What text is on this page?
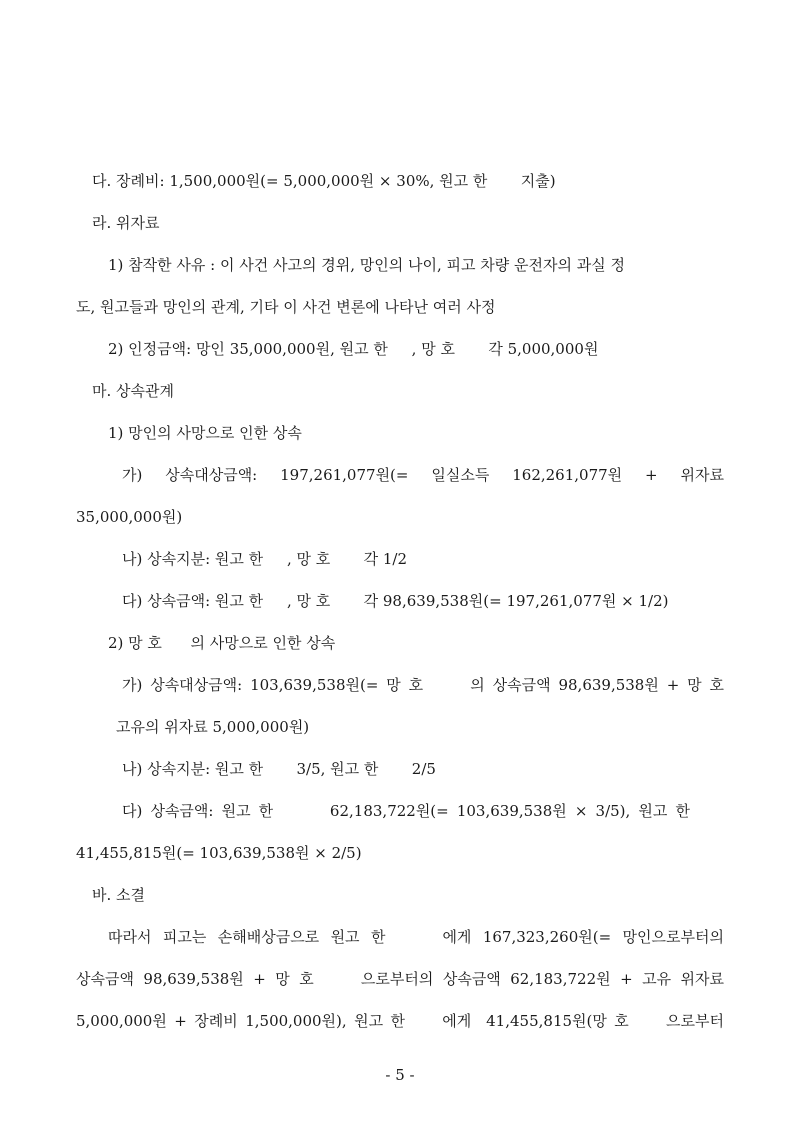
다. 장례비: 1,500,000원(= 5,000,000원 × 30%, 원고 한       지출)
라. 위자료
1) 참작한 사유 : 이 사건 사고의 경위, 망인의 나이, 피고 차량 운전자의 과실 정
도, 원고들과 망인의 관계, 기타 이 사건 변론에 나타난 여러 사정
2) 인정금액: 망인 35,000,000원, 원고 한     , 망 호       각 5,000,000원
마. 상속관계
1) 망인의 사망으로 인한 상속
가)  상속대상금액:  197,261,077원(=  일실소득  162,261,077원  +  위자료
35,000,000원)
나) 상속지분: 원고 한     , 망 호       각 1/2
다) 상속금액: 원고 한     , 망 호       각 98,639,538원(= 197,261,077원 × 1/2)
2) 망 호      의 사망으로 인한 상속
가) 상속대상금액: 103,639,538원(= 망 호      의 상속금액 98,639,538원 + 망 호
고유의 위자료 5,000,000원)
나) 상속지분: 원고 한       3/5, 원고 한       2/5
다) 상속금액: 원고 한       62,183,722원(= 103,639,538원 × 3/5), 원고 한
41,455,815원(= 103,639,538원 × 2/5)
바. 소결
따라서 피고는 손해배상금으로 원고 한     에게 167,323,260원(= 망인으로부터의
상속금액 98,639,538원 + 망 호     으로부터의 상속금액 62,183,722원 + 고유 위자료
5,000,000원 + 장례비 1,500,000원), 원고 한     에게  41,455,815원(망 호     으로부터
- 5 -
